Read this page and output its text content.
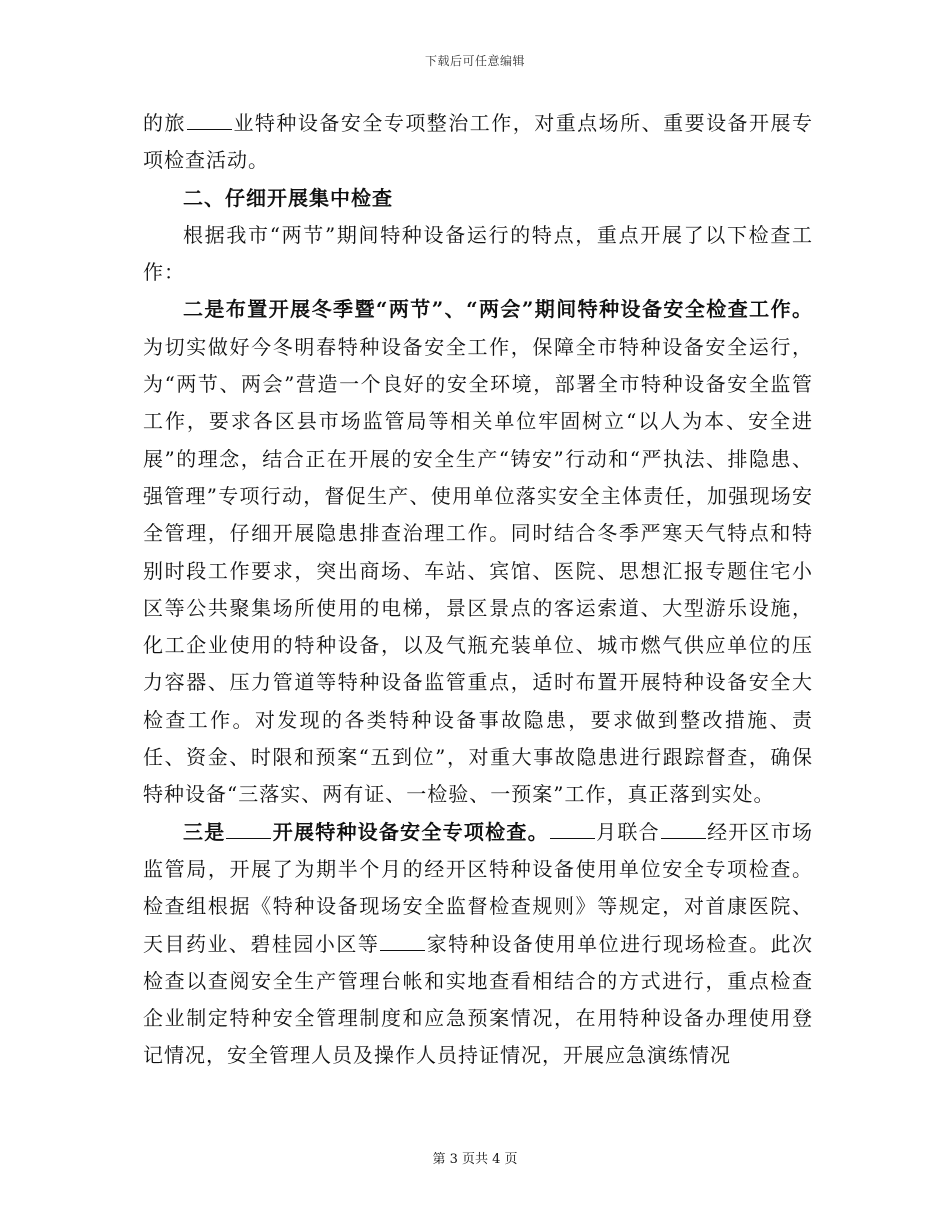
下载后可任意编辑

的旅 业特种设备安全专项整治工作，对重点场所、重要设备开展专项检查活动。

二、仔细开展集中检查

根据我市“两节”期间特种设备运行的特点，重点开展了以下检查工作：

二是布置开展冬季暨“两节”、“两会”期间特种设备安全检查工作。为切实做好今冬明春特种设备安全工作，保障全市特种设备安全运行，为“两节、两会”营造一个良好的安全环境，部署全市特种设备安全监管工作，要求各区县市场监管局等相关单位牢固树立“以人为本、安全进展”的理念，结合正在开展的安全生产“铸安”行动和“严执法、排隐患、强管理”专项行动，督促生产、使用单位落实安全主体责任，加强现场安全管理，仔细开展隐患排查治理工作。同时结合冬季严寒天气特点和特别时段工作要求，突出商场、车站、宾馆、医院、思想汇报专题住宅小区等公共聚集场所使用的电梯，景区景点的客运索道、大型游乐设施，化工企业使用的特种设备，以及气瓶充装单位、城市燃气供应单位的压力容器、压力管道等特种设备监管重点，适时布置开展特种设备安全大检查工作。对发现的各类特种设备事故隐患，要求做到整改措施、责任、资金、时限和预案“五到位”，对重大事故隐患进行跟踪督查，确保特种设备“三落实、两有证、一检验、一预案”工作，真正落到实处。

三是 开展特种设备安全专项检查。 月联合 经开区市场监管局，开展了为期半个月的经开区特种设备使用单位安全专项检查。检查组根据《特种设备现场安全监督检查规则》等规定，对首康医院、天目药业、碧桂园小区等 家特种设备使用单位进行现场检查。此次检查以查阅安全生产管理台帐和实地查看相结合的方式进行，重点检查企业制定特种安全管理制度和应急预案情况，在用特种设备办理使用登记情况，安全管理人员及操作人员持证情况，开展应急演练情况

第 3 页共 4 页
